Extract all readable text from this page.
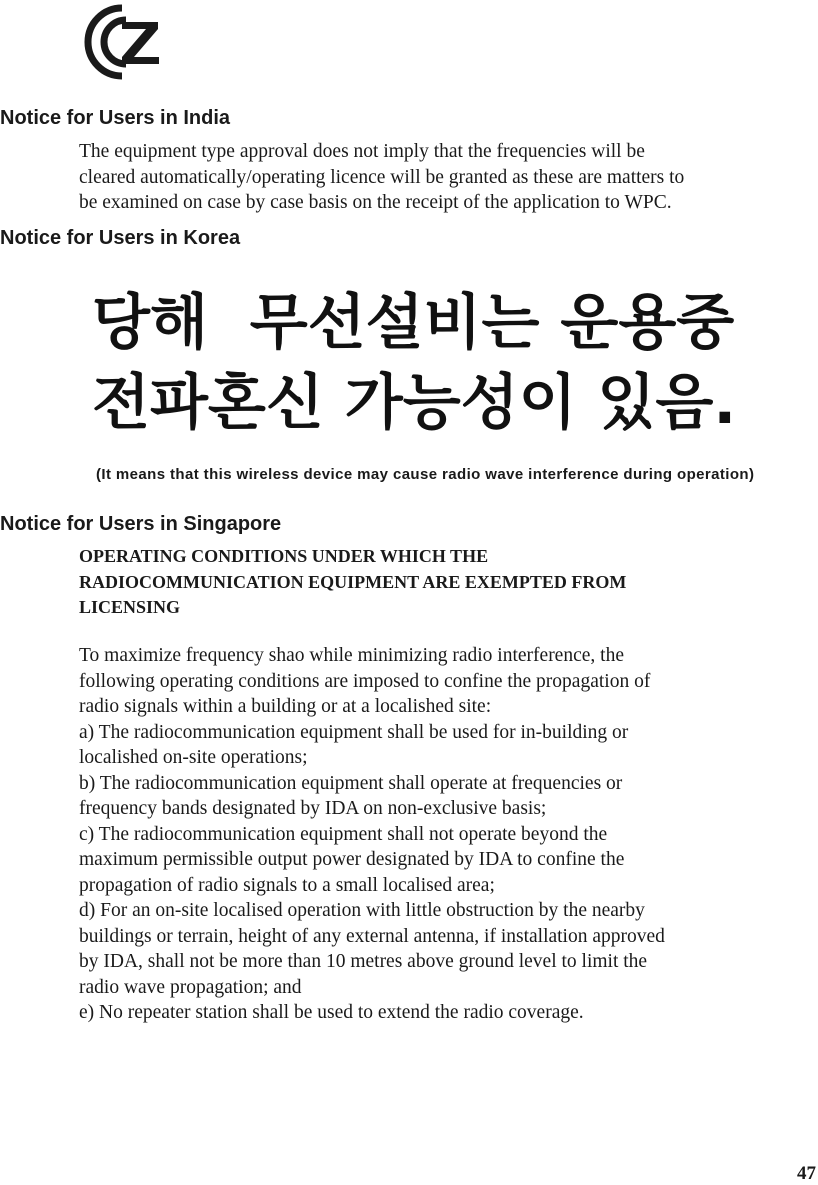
Notice for Users in India
The equipment type approval does not imply that the frequencies will be
cleared automatically/operating licence will be granted as these are matters to
be examined on case by case basis on the receipt of the application to WPC.
Notice for Users in Korea
당해  무선설비는 운용중
전파혼신 가능성이 있음.

(It means that this wireless device may cause radio wave interference during operation)

Notice for Users in Singapore
OPERATING CONDITIONS UNDER WHICH THE
RADIOCOMMUNICATION EQUIPMENT ARE EXEMPTED FROM
LICENSING
To maximize frequency shao while minimizing radio interference, the
following operating conditions are imposed to confine the propagation of
radio signals within a building or at a localished site:
a) The radiocommunication equipment shall be used for in-building or
localished on-site operations;
b) The radiocommunication equipment shall operate at frequencies or
frequency bands designated by IDA on non-exclusive basis;
c) The radiocommunication equipment shall not operate beyond the
maximum permissible output power designated by IDA to confine the
propagation of radio signals to a small localised area;
d) For an on-site localised operation with little obstruction by the nearby
buildings or terrain, height of any external antenna, if installation approved
by IDA, shall not be more than 10 metres above ground level to limit the
radio wave propagation; and
e) No repeater station shall be used to extend the radio coverage.

47
